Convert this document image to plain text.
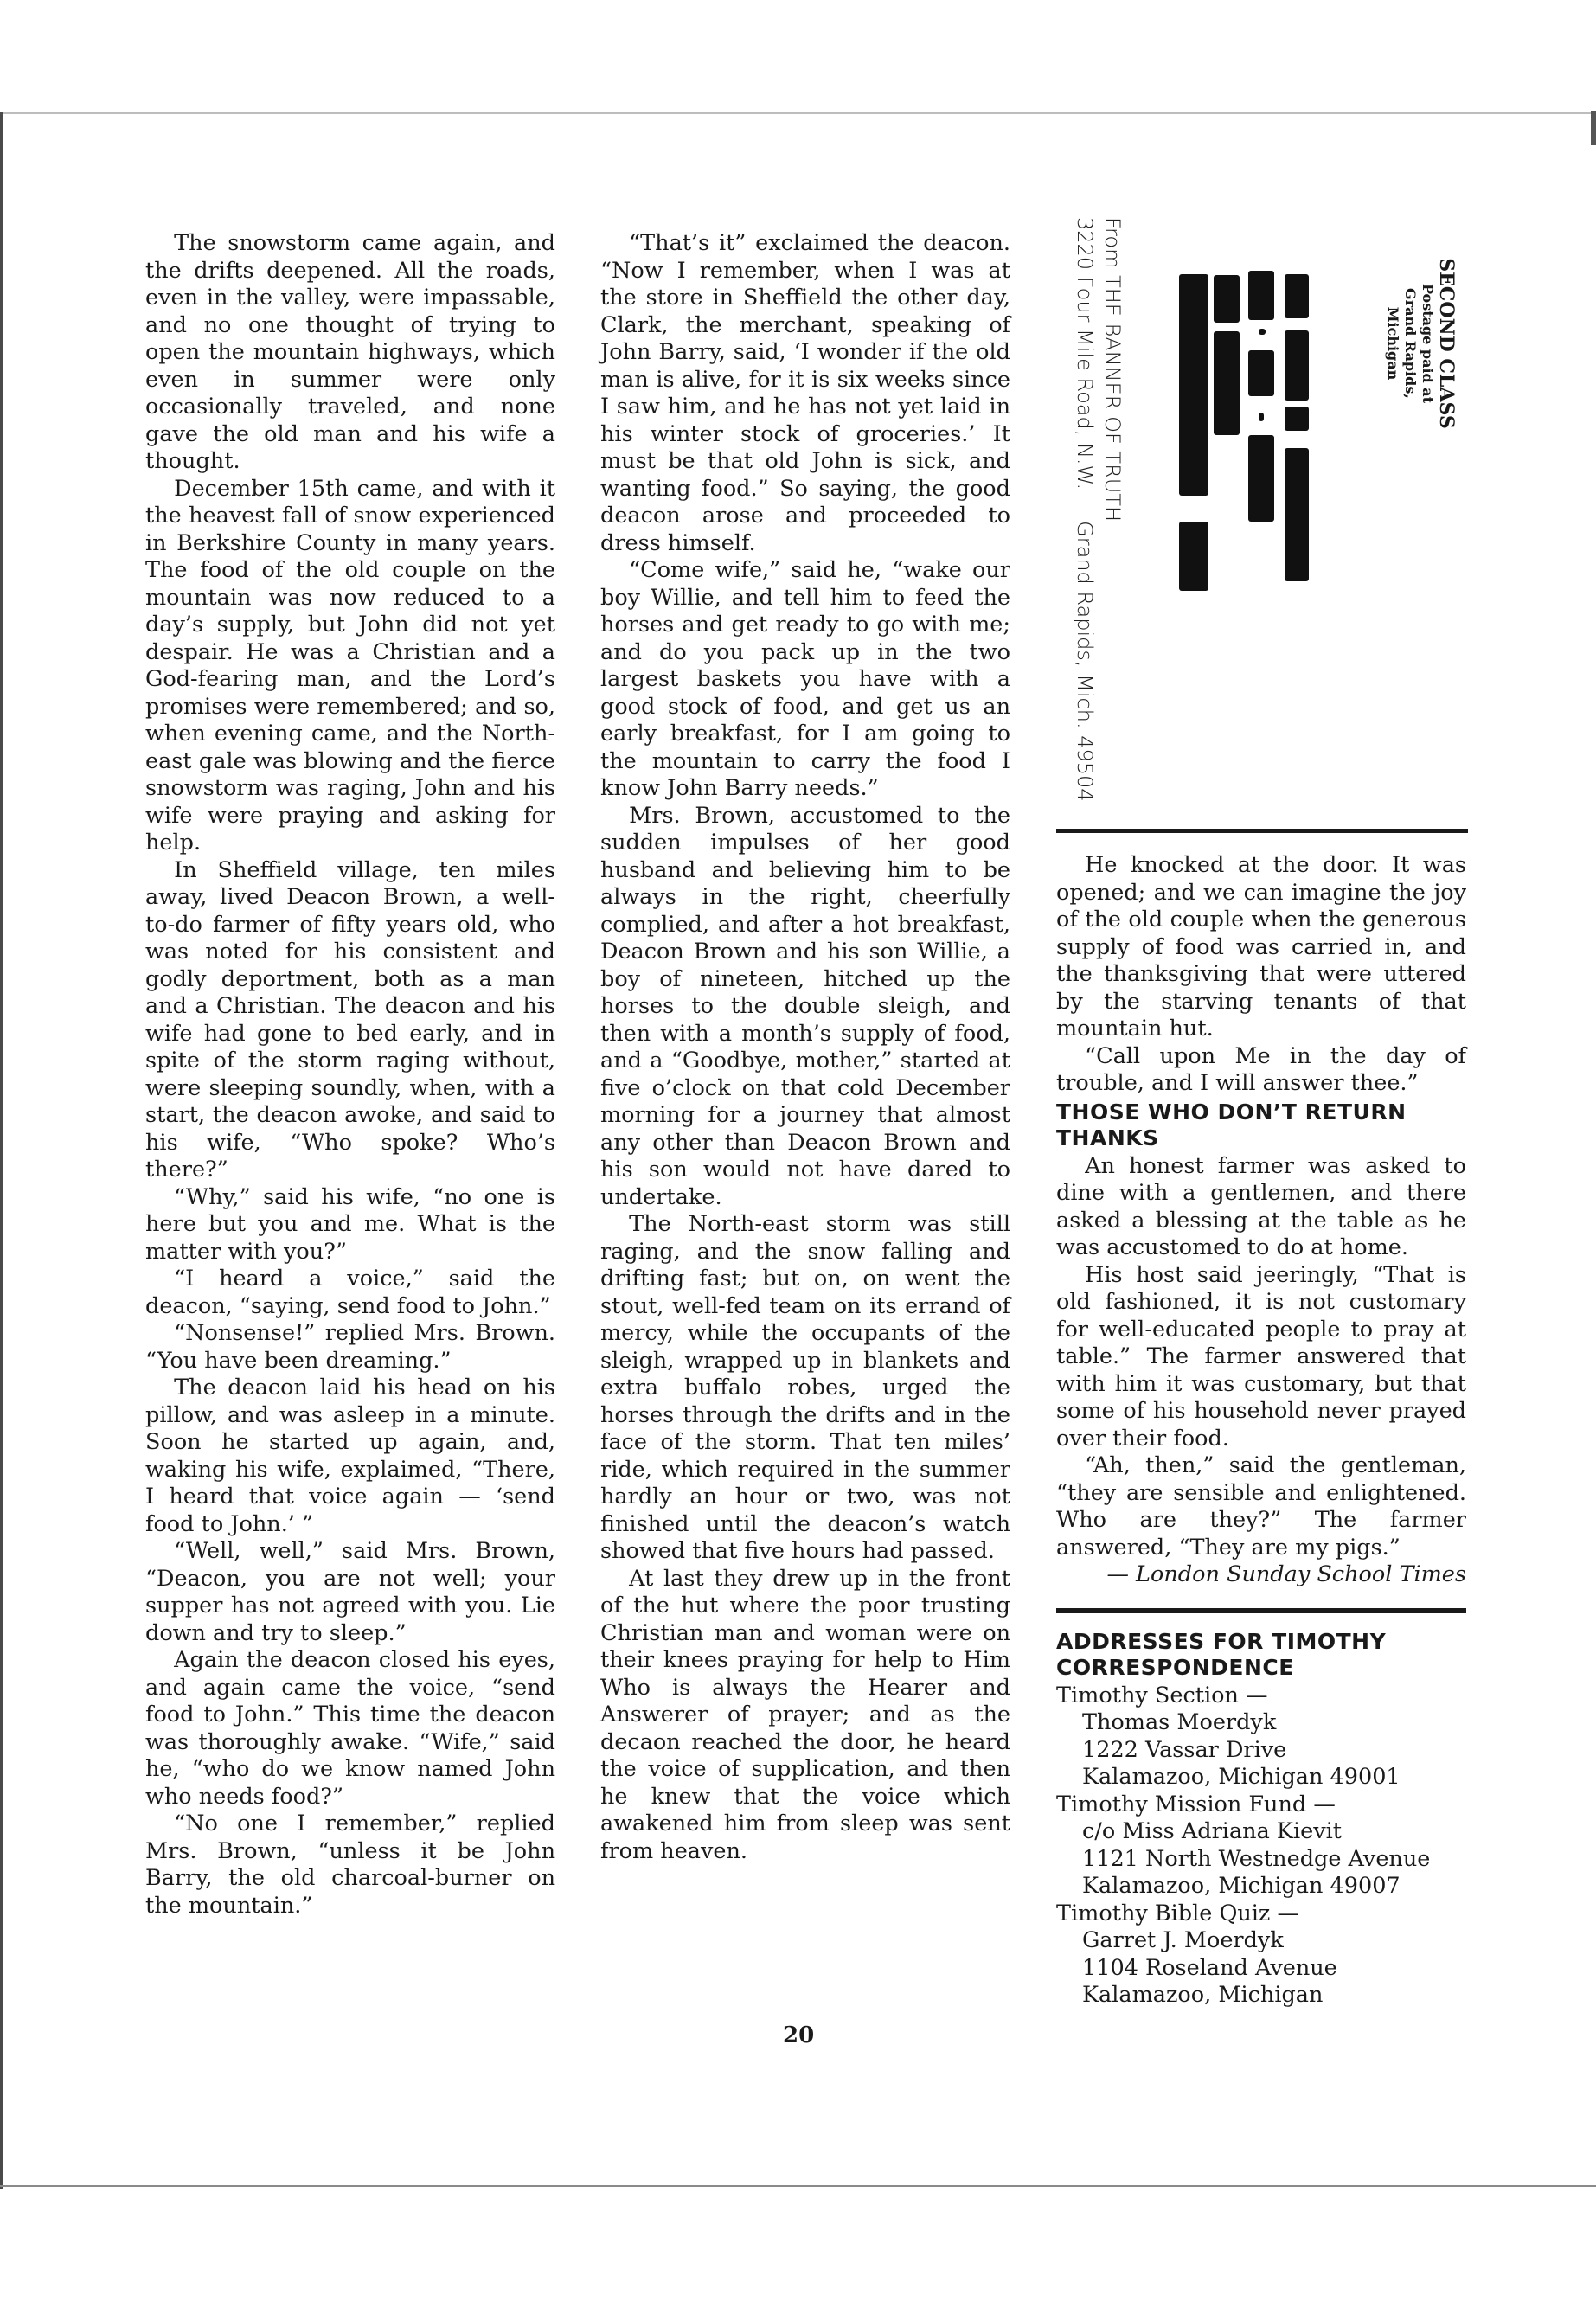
The snowstorm came again, and the drifts deepened. All the roads, even in the valley, were impassable, and no one thought of trying to open the mountain highways, which even in summer were only occasionally traveled, and none gave the old man and his wife a thought.

December 15th came, and with it the heavest fall of snow experienced in Berkshire County in many years. The food of the old couple on the mountain was now reduced to a day’s supply, but John did not yet despair. He was a Christian and a God-fearing man, and the Lord’s promises were remembered; and so, when evening came, and the North-east gale was blowing and the fierce snowstorm was raging, John and his wife were praying and asking for help.

In Sheffield village, ten miles away, lived Deacon Brown, a well-to-do farmer of fifty years old, who was noted for his consistent and godly deportment, both as a man and a Christian. The deacon and his wife had gone to bed early, and in spite of the storm raging without, were sleeping soundly, when, with a start, the deacon awoke, and said to his wife, “Who spoke? Who’s there?”

“Why,” said his wife, “no one is here but you and me. What is the matter with you?”

“I heard a voice,” said the deacon, “saying, send food to John.”

“Nonsense!” replied Mrs. Brown. “You have been dreaming.”

The deacon laid his head on his pillow, and was asleep in a minute. Soon he started up again, and, waking his wife, explaimed, “There, I heard that voice again — ‘send food to John.’ ”

“Well, well,” said Mrs. Brown, “Deacon, you are not well; your supper has not agreed with you. Lie down and try to sleep.”

Again the deacon closed his eyes, and again came the voice, “send food to John.” This time the deacon was thoroughly awake. “Wife,” said he, “who do we know named John who needs food?”

“No one I remember,” replied Mrs. Brown, “unless it be John Barry, the old charcoal-burner on the mountain.”

“That’s it” exclaimed the deacon. “Now I remember, when I was at the store in Sheffield the other day, Clark, the merchant, speaking of John Barry, said, ‘I wonder if the old man is alive, for it is six weeks since I saw him, and he has not yet laid in his winter stock of groceries.’ It must be that old John is sick, and wanting food.” So saying, the good deacon arose and proceeded to dress himself.

“Come wife,” said he, “wake our boy Willie, and tell him to feed the horses and get ready to go with me; and do you pack up in the two largest baskets you have with a good stock of food, and get us an early breakfast, for I am going to the mountain to carry the food I know John Barry needs.”

Mrs. Brown, accustomed to the sudden impulses of her good husband and believing him to be always in the right, cheerfully complied, and after a hot breakfast, Deacon Brown and his son Willie, a boy of nineteen, hitched up the horses to the double sleigh, and then with a month’s supply of food, and a “Goodbye, mother,” started at five o’clock on that cold December morning for a journey that almost any other than Deacon Brown and his son would not have dared to undertake.

The North-east storm was still raging, and the snow falling and drifting fast; but on, on went the stout, well-fed team on its errand of mercy, while the occupants of the sleigh, wrapped up in blankets and extra buffalo robes, urged the horses through the drifts and in the face of the storm. That ten miles’ ride, which required in the summer hardly an hour or two, was not finished until the deacon’s watch showed that five hours had passed.

At last they drew up in the front of the hut where the poor trusting Christian man and woman were on their knees praying for help to Him Who is always the Hearer and Answerer of prayer; and as the decaon reached the door, he heard the voice of supplication, and then he knew that the voice which awakened him from sleep was sent from heaven.

SECOND CLASS
Postage paid at
Grand Rapids, Michigan
From THE BANNER OF TRUTH
3220 Four Mile Road, N.W.Grand Rapids, Mich. 49504

He knocked at the door. It was opened; and we can imagine the joy of the old couple when the generous supply of food was carried in, and the thanksgiving that were uttered by the starving tenants of that mountain hut.

“Call upon Me in the day of trouble, and I will answer thee.”

THOSE WHO DON’T RETURN THANKS

An honest farmer was asked to dine with a gentlemen, and there asked a blessing at the table as he was accustomed to do at home.

His host said jeeringly, “That is old fashioned, it is not customary for well-educated people to pray at table.” The farmer answered that with him it was customary, but that some of his household never prayed over their food.

“Ah, then,” said the gentleman, “they are sensible and enlightened. Who are they?” The farmer answered, “They are my pigs.”

— London Sunday School Times
ADDRESSES FOR TIMOTHY CORRESPONDENCE
Timothy Section —
Thomas Moerdyk
1222 Vassar Drive
Kalamazoo, Michigan 49001
Timothy Mission Fund —
c/o Miss Adriana Kievit
1121 North Westnedge Avenue
Kalamazoo, Michigan 49007
Timothy Bible Quiz —
Garret J. Moerdyk
1104 Roseland Avenue
Kalamazoo, Michigan
20
